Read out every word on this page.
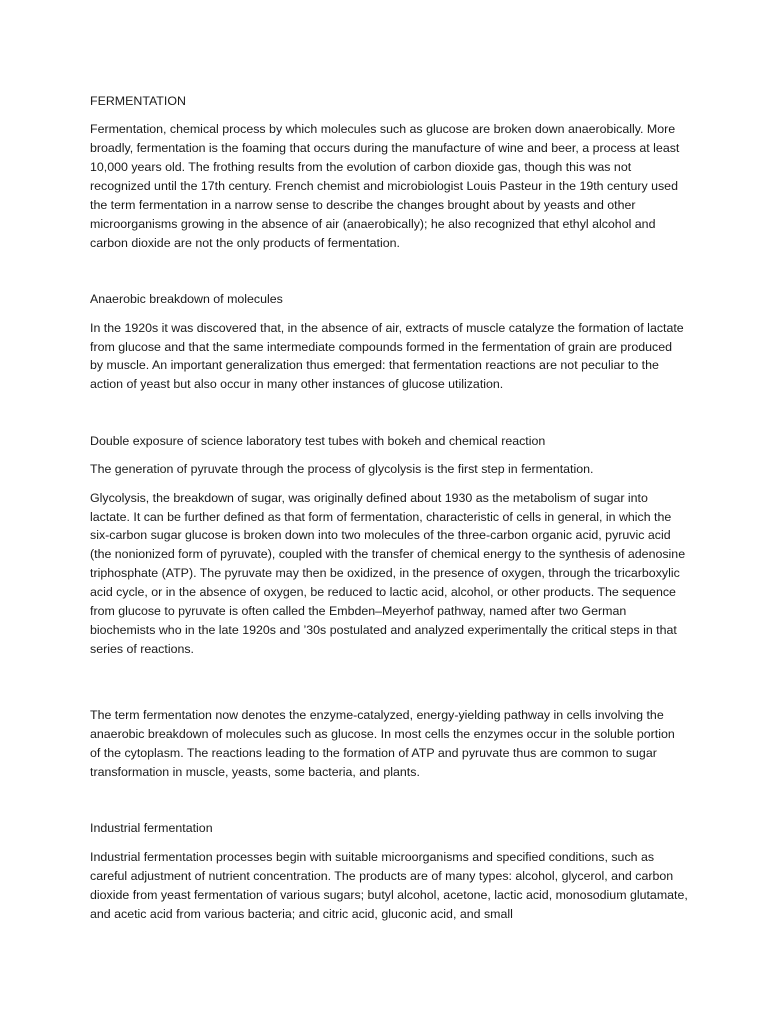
FERMENTATION

Fermentation, chemical process by which molecules such as glucose are broken down anaerobically. More broadly, fermentation is the foaming that occurs during the manufacture of wine and beer, a process at least 10,000 years old. The frothing results from the evolution of carbon dioxide gas, though this was not recognized until the 17th century. French chemist and microbiologist Louis Pasteur in the 19th century used the term fermentation in a narrow sense to describe the changes brought about by yeasts and other microorganisms growing in the absence of air (anaerobically); he also recognized that ethyl alcohol and carbon dioxide are not the only products of fermentation.

Anaerobic breakdown of molecules

In the 1920s it was discovered that, in the absence of air, extracts of muscle catalyze the formation of lactate from glucose and that the same intermediate compounds formed in the fermentation of grain are produced by muscle. An important generalization thus emerged: that fermentation reactions are not peculiar to the action of yeast but also occur in many other instances of glucose utilization.

Double exposure of science laboratory test tubes with bokeh and chemical reaction

The generation of pyruvate through the process of glycolysis is the first step in fermentation.

Glycolysis, the breakdown of sugar, was originally defined about 1930 as the metabolism of sugar into lactate. It can be further defined as that form of fermentation, characteristic of cells in general, in which the six-carbon sugar glucose is broken down into two molecules of the three-carbon organic acid, pyruvic acid (the nonionized form of pyruvate), coupled with the transfer of chemical energy to the synthesis of adenosine triphosphate (ATP). The pyruvate may then be oxidized, in the presence of oxygen, through the tricarboxylic acid cycle, or in the absence of oxygen, be reduced to lactic acid, alcohol, or other products. The sequence from glucose to pyruvate is often called the Embden–Meyerhof pathway, named after two German biochemists who in the late 1920s and ’30s postulated and analyzed experimentally the critical steps in that series of reactions.

The term fermentation now denotes the enzyme-catalyzed, energy-yielding pathway in cells involving the anaerobic breakdown of molecules such as glucose. In most cells the enzymes occur in the soluble portion of the cytoplasm. The reactions leading to the formation of ATP and pyruvate thus are common to sugar transformation in muscle, yeasts, some bacteria, and plants.

Industrial fermentation

Industrial fermentation processes begin with suitable microorganisms and specified conditions, such as careful adjustment of nutrient concentration. The products are of many types: alcohol, glycerol, and carbon dioxide from yeast fermentation of various sugars; butyl alcohol, acetone, lactic acid, monosodium glutamate, and acetic acid from various bacteria; and citric acid, gluconic acid, and small
